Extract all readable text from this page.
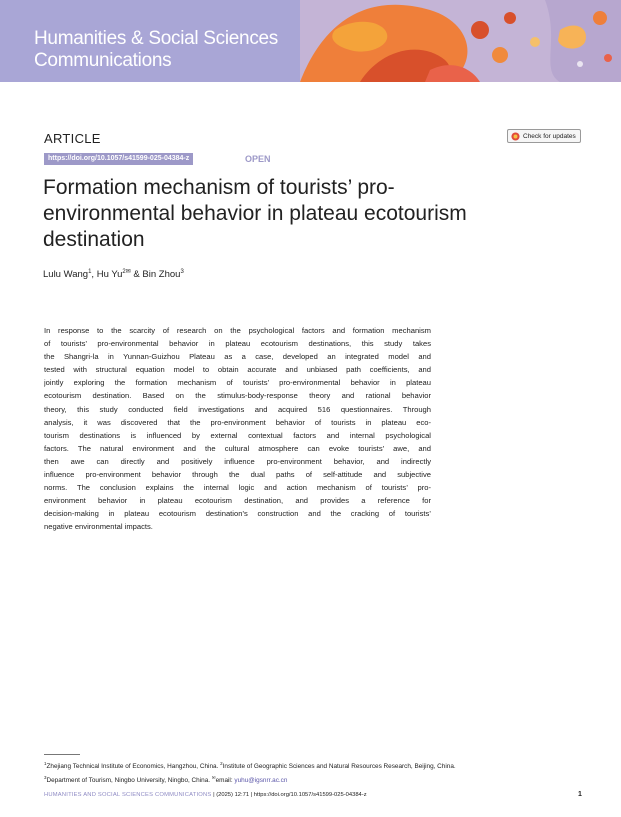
Humanities & Social Sciences
Communications
ARTICLE	Check for updates
https://doi.org/10.1057/s41599-025-04384-z	OPEN
Formation mechanism of tourists’ pro-
environmental behavior in plateau ecotourism
destination
Lulu Wang$^1$, Hu $Yu^{2✉}$ & Bin Zhou$^3$
In response to the scarcity of research on the psychological factors and formation mechanism
of tourists’ pro-environmental behavior in plateau ecotourism destinations, this study takes
the Shangri-la in Yunnan-Guizhou Plateau as a case, developed an integrated model and
tested with structural equation model to obtain accurate and unbiased path coefficients, and
jointly exploring the formation mechanism of tourists’ pro-environmental behavior in plateau
ecotourism destination. Based on the stimulus-body-response theory and rational behavior
theory, this study conducted field investigations and acquired 516 questionnaires. Through
analysis, it was discovered that the pro-environment behavior of tourists in plateau eco-
tourism destinations is influenced by external contextual factors and internal psychological
factors. The natural environment and the cultural atmosphere can evoke tourists’ awe, and
then awe can directly and positively influence pro-environment behavior, and indirectly
influence pro-environment behavior through the dual paths of self-attitude and subjective
norms. The conclusion explains the internal logic and action mechanism of tourists’ pro-
environment behavior in plateau ecotourism destination, and provides a reference for
decision-making in plateau ecotourism destination’s construction and the cracking of tourists’
negative environmental impacts.
$^1$Zhejiang Technical Institute of Economics, Hangzhou, China. $^2$Institute of Geographic Sciences and Natural Resources Research, Beijing, China.
$^3$Department of Tourism, Ningbo University, Ningbo, China. ✉email: yuhu@igsnrr.ac.cn
HUMANITIES AND SOCIAL SCIENCES COMMUNICATIONS | (2025) 12:71 | https://doi.org/10.1057/s41599-025-04384-z	1
